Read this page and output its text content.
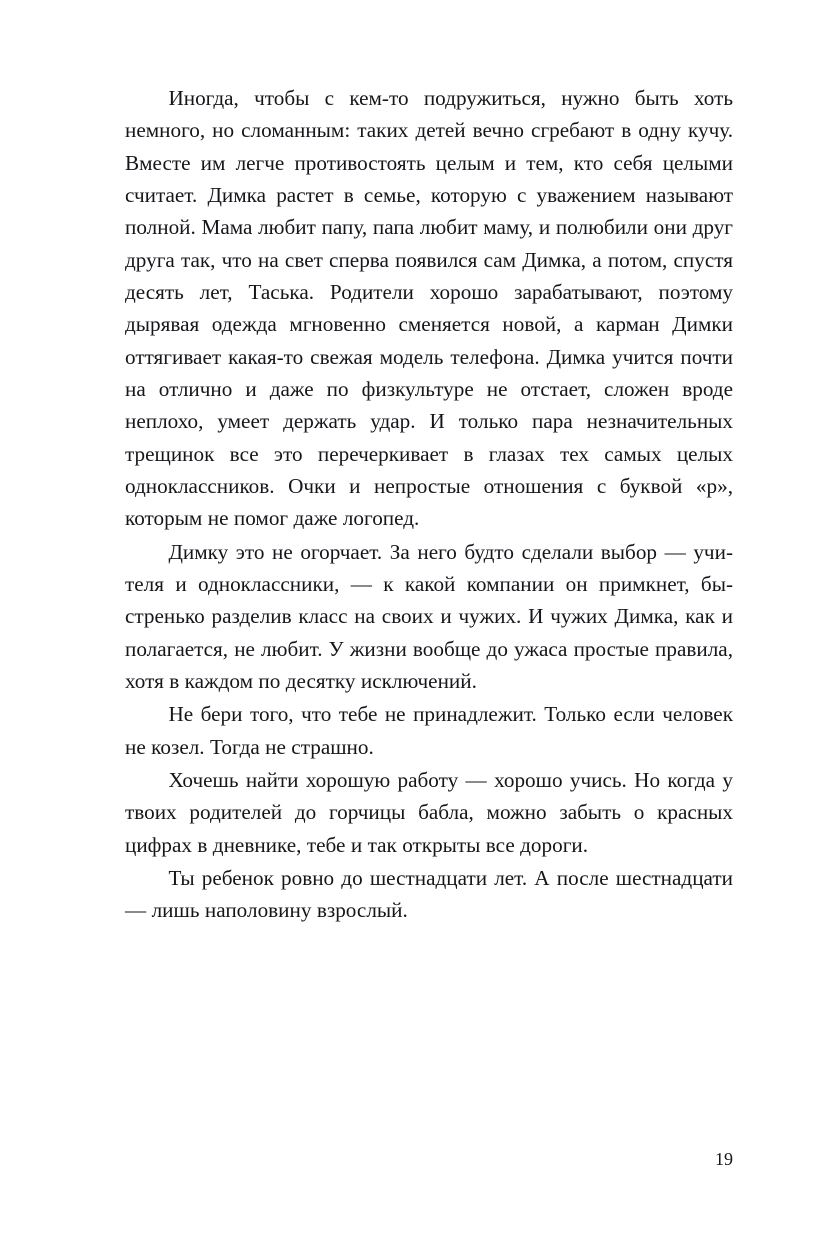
Иногда, чтобы с кем-то подружиться, нужно быть хоть немного, но сломанным: таких детей вечно сгребают в одну кучу. Вместе им легче противостоять целым и тем, кто себя целыми считает. Димка растет в семье, которую с уважением называют полной. Мама любит папу, папа любит маму, и полюбили они друг друга так, что на свет сперва появился сам Димка, а потом, спустя десять лет, Таська. Родители хорошо зарабатывают, поэтому дырявая одежда мгновенно сменяется новой, а карман Димки оттягивает какая-то свежая модель телефона. Димка учится почти на отлично и даже по физкультуре не отстает, сложен вроде неплохо, умеет держать удар. И только пара незначительных трещинок все это перечеркивает в глазах тех самых целых одноклассников. Очки и непростые отношения с буквой «р», которым не помог даже логопед.

Димку это не огорчает. За него будто сделали выбор — учителя и одноклассники, — к какой компании он примкнет, быстренько разделив класс на своих и чужих. И чужих Димка, как и полагается, не любит. У жизни вообще до ужаса простые правила, хотя в каждом по десятку исключений.

Не бери того, что тебе не принадлежит. Только если человек не козел. Тогда не страшно.

Хочешь найти хорошую работу — хорошо учись. Но когда у твоих родителей до горчицы бабла, можно забыть о красных цифрах в дневнике, тебе и так открыты все дороги.

Ты ребенок ровно до шестнадцати лет. А после шестнадцати — лишь наполовину взрослый.

19
